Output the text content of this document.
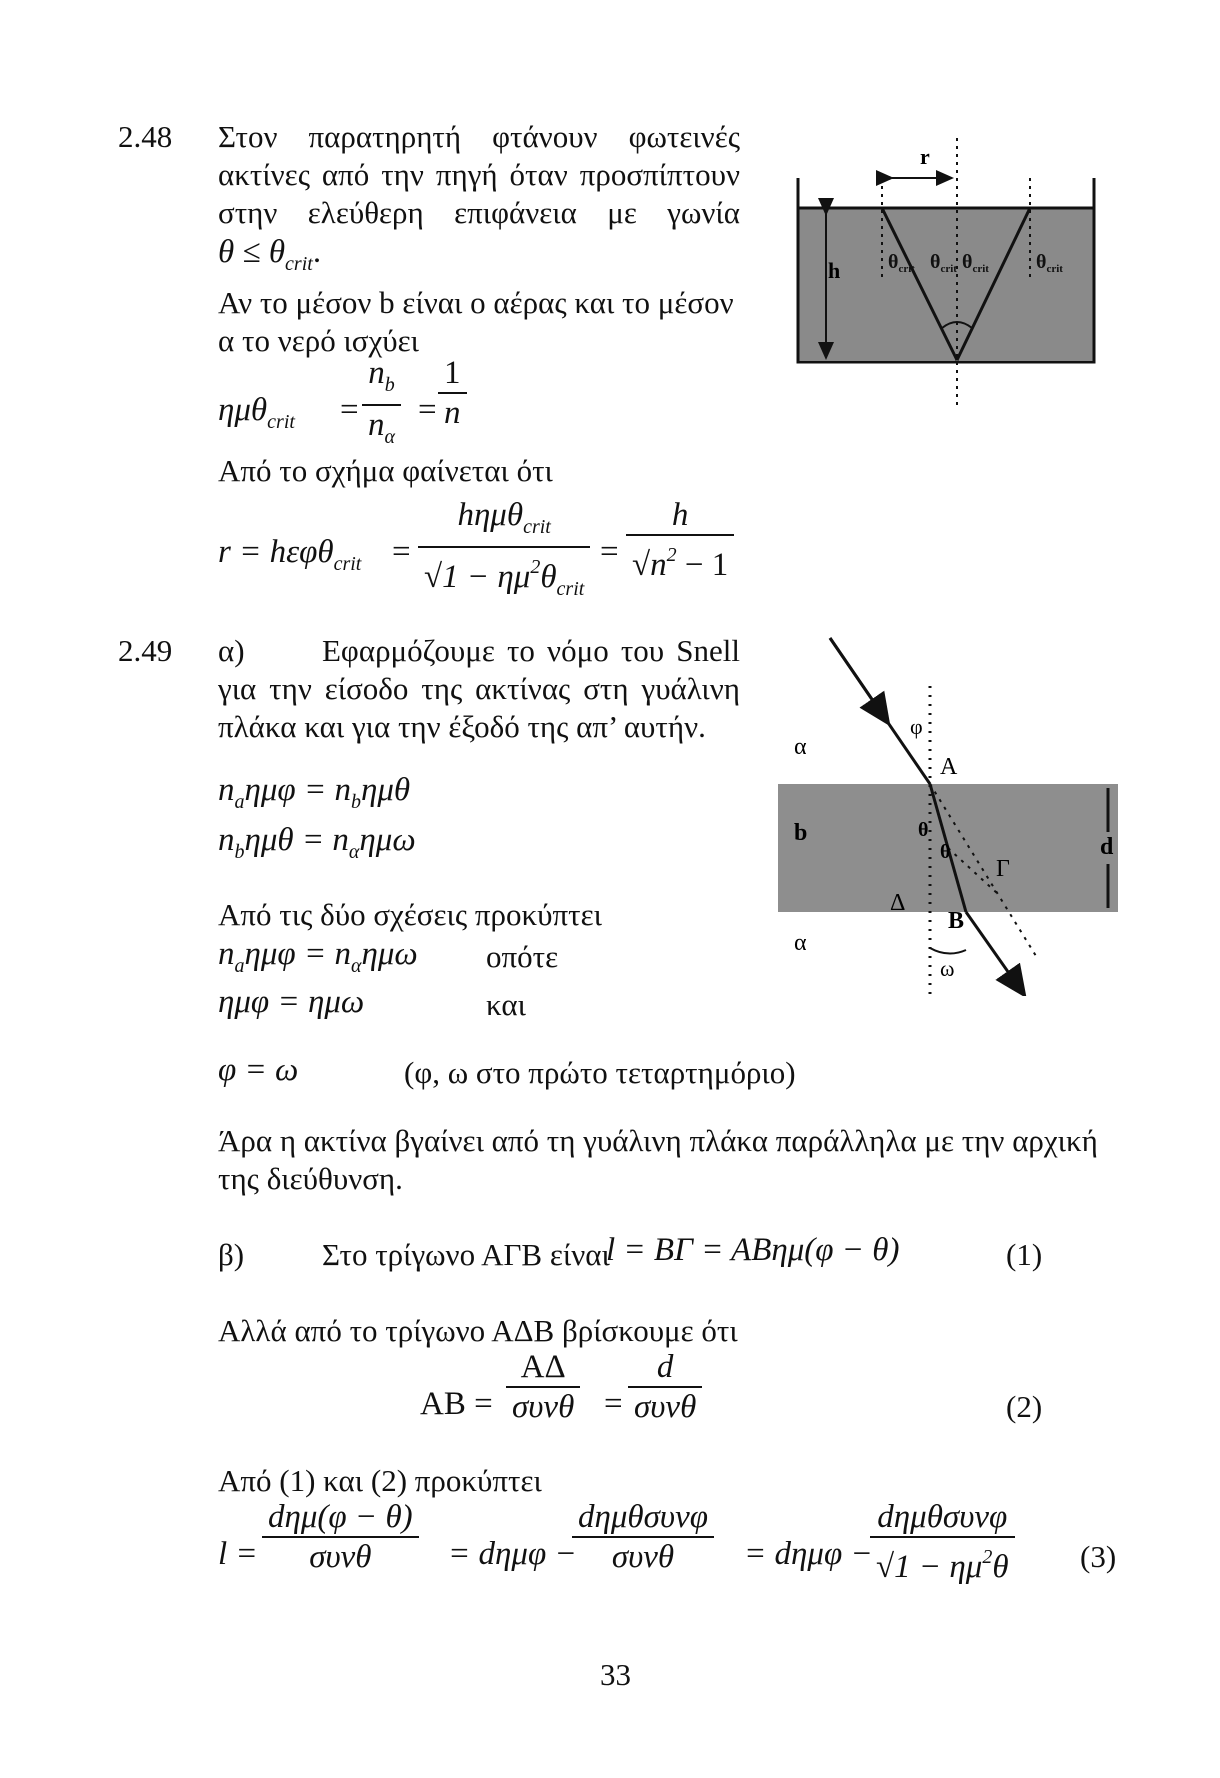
2.48 Στον παρατηρητή φτάνουν φωτεινές
ακτίνες από την πηγή όταν προσπίπτουν
στην ελεύθερη επιφάνεια με γωνία
$\theta \le \theta_{crit}$.
Αν το μέσον b είναι ο αέρας και το μέσον
α το νερό ισχύει
$\eta\mu\theta_{crit} = \frac{n_b}{n_\alpha} = \frac{1}{n}$
Από το σχήμα φαίνεται ότι
r = hεφθ$_{crit}$ =
hημθ$_{crit}$
$√1 - \eta\mu^2\theta_{crit}$
= $\frac{h}{√n^2 - 1}$
r
h $\theta_{crit}$ $\theta_{crit}$ $\theta_{crit}$ $\theta_{crit}$
2.49 α) Εφαρμόζουμε το νόμο του Snell
για την είσοδο της ακτίνας στη γυάλινη
πλάκα και για την έξοδό της απ’ αυτήν.
$n_a\eta\mu\varphi = n_b\eta\mu\theta$
$n_b\eta\mu\theta = n_\alpha\eta\mu\omega$
Από τις δύο σχέσεις προκύπτει
$n_a\eta\mu\varphi = n_\alpha\eta\mu\omega$ οπότε
ημφ = ημω	και
φ = ω	(φ, ω στο πρώτο τεταρτημόριο)
Άρα η ακτίνα βγαίνει από τη γυάλινη πλάκα παράλληλα με την αρχική
της διεύθυνση.
β)	Στο τρίγωνο ΑΓΒ είναι
l = ΒΓ = ΑΒημ(φ − θ)	(1)
Αλλά από το τρίγωνο ΑΔΒ βρίσκουμε ότι
ΑΒ =
ΑΔ
συνθ =
d
συνθ	(2)
Από (1) και (2) προκύπτει
l =
dημ(φ − θ)
συνθ	= dημφ −
dημθσυνφ
συνθ	= dημφ −
dημθσυνφ
$√1 - \eta\mu^2\theta$ (3)
α
b
α
d
φ
Α
θ
θ
Γ
Δ
Β
ω
33
